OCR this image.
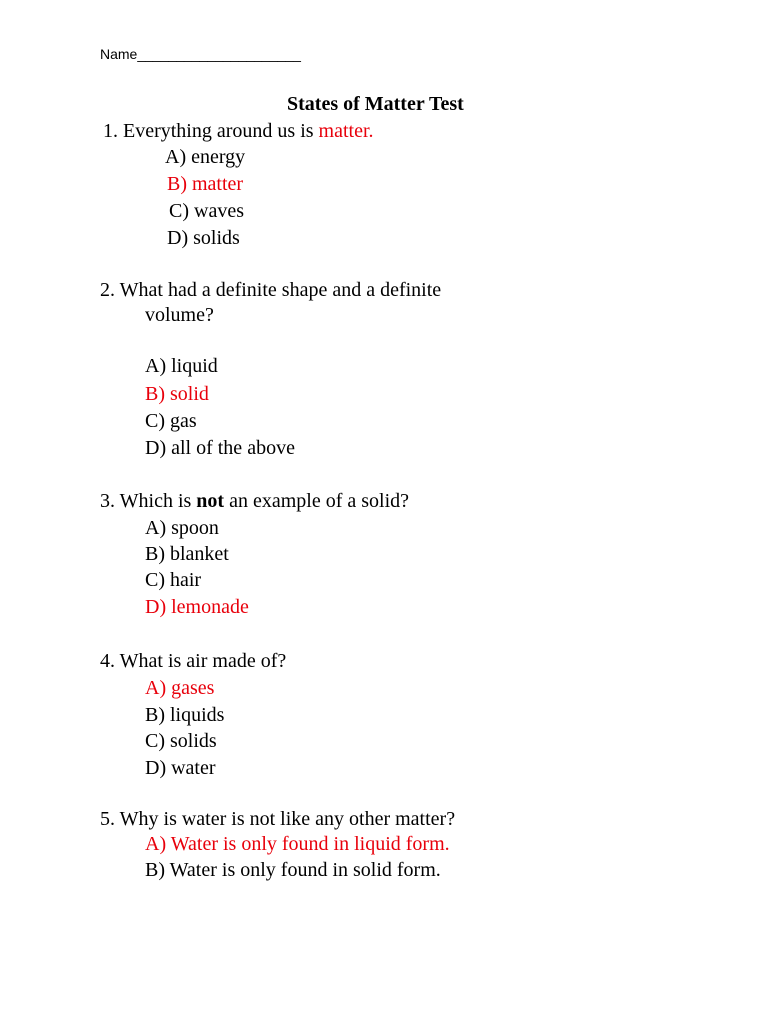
Name_____________________
States of Matter Test
1. Everything around us is matter.
A) energy
B) matter
C) waves
D) solids
2. What had a definite shape and a definite
volume?
A) liquid
B) solid
C) gas
D) all of the above
3. Which is not an example of a solid?
A) spoon
B) blanket
C) hair
D) lemonade
4. What is air made of?
A) gases
B) liquids
C) solids
D) water
5. Why is water is not like any other matter?
A) Water is only found in liquid form.
B) Water is only found in solid form.
